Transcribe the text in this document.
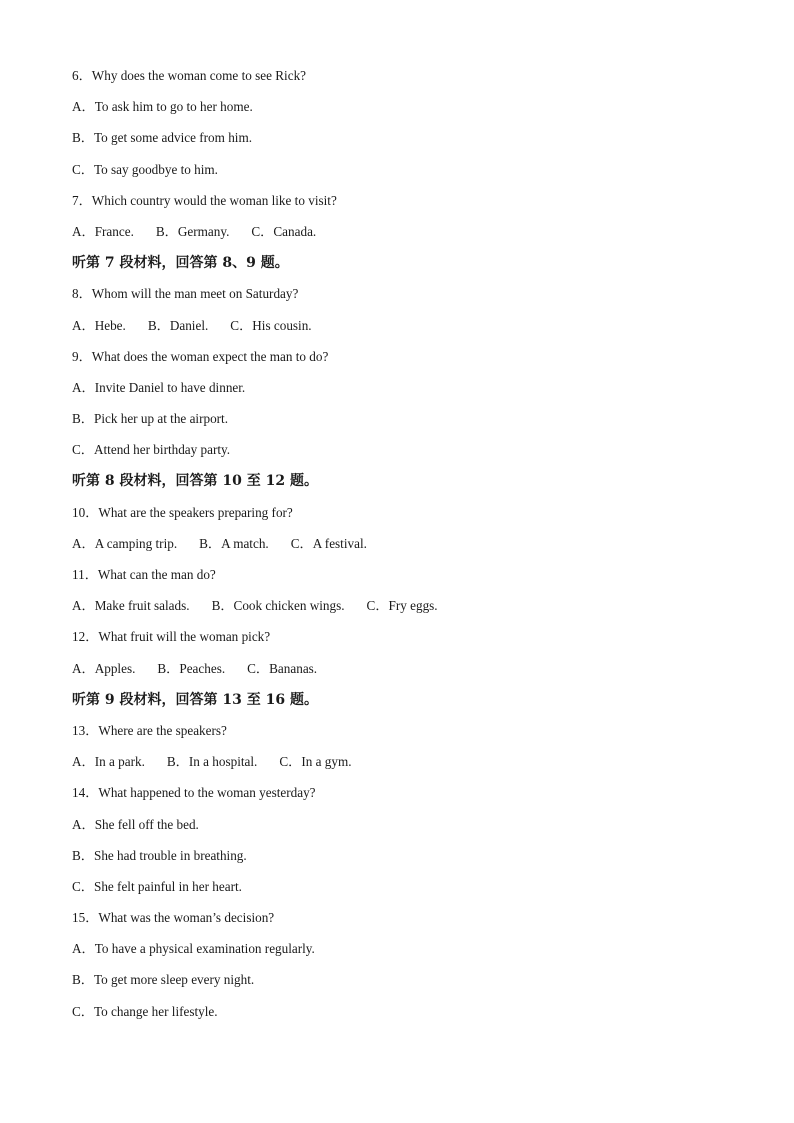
6．Why does the woman come to see Rick?
A．To ask him to go to her home.
B．To get some advice from him.
C．To say goodbye to him.
7．Which country would the woman like to visit?
A．France. B．Germany. C．Canada.
听第 7 段材料，回答第 8、9 题。
8．Whom will the man meet on Saturday?
A．Hebe. B．Daniel. C．His cousin.
9．What does the woman expect the man to do?
A．Invite Daniel to have dinner.
B．Pick her up at the airport.
C．Attend her birthday party.
听第 8 段材料，回答第 10 至 12 题。
10．What are the speakers preparing for?
A．A camping trip. B．A match. C．A festival.
11．What can the man do?
A．Make fruit salads. B．Cook chicken wings. C．Fry eggs.
12．What fruit will the woman pick?
A．Apples. B．Peaches. C．Bananas.
听第 9 段材料，回答第 13 至 16 题。
13．Where are the speakers?
A．In a park. B．In a hospital. C．In a gym.
14．What happened to the woman yesterday?
A．She fell off the bed.
B．She had trouble in breathing.
C．She felt painful in her heart.
15．What was the woman’s decision?
A．To have a physical examination regularly.
B．To get more sleep every night.
C．To change her lifestyle.
